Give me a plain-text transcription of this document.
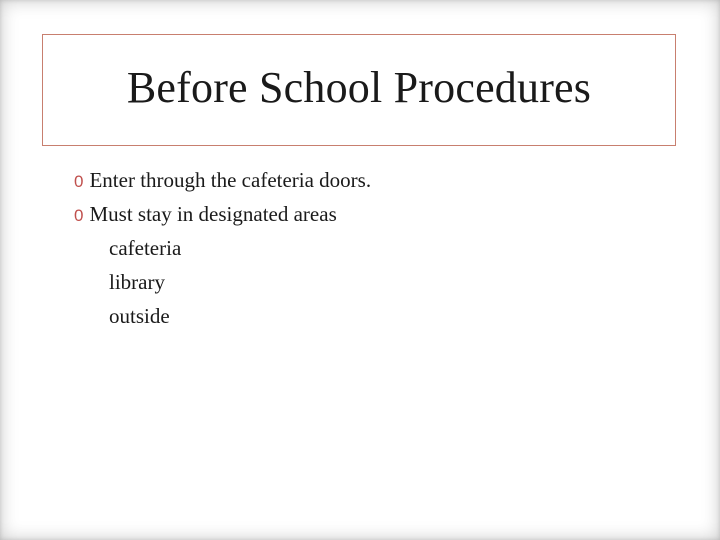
Before School Procedures
0 Enter through the cafeteria doors.
0 Must stay in designated areas
cafeteria
library
outside
